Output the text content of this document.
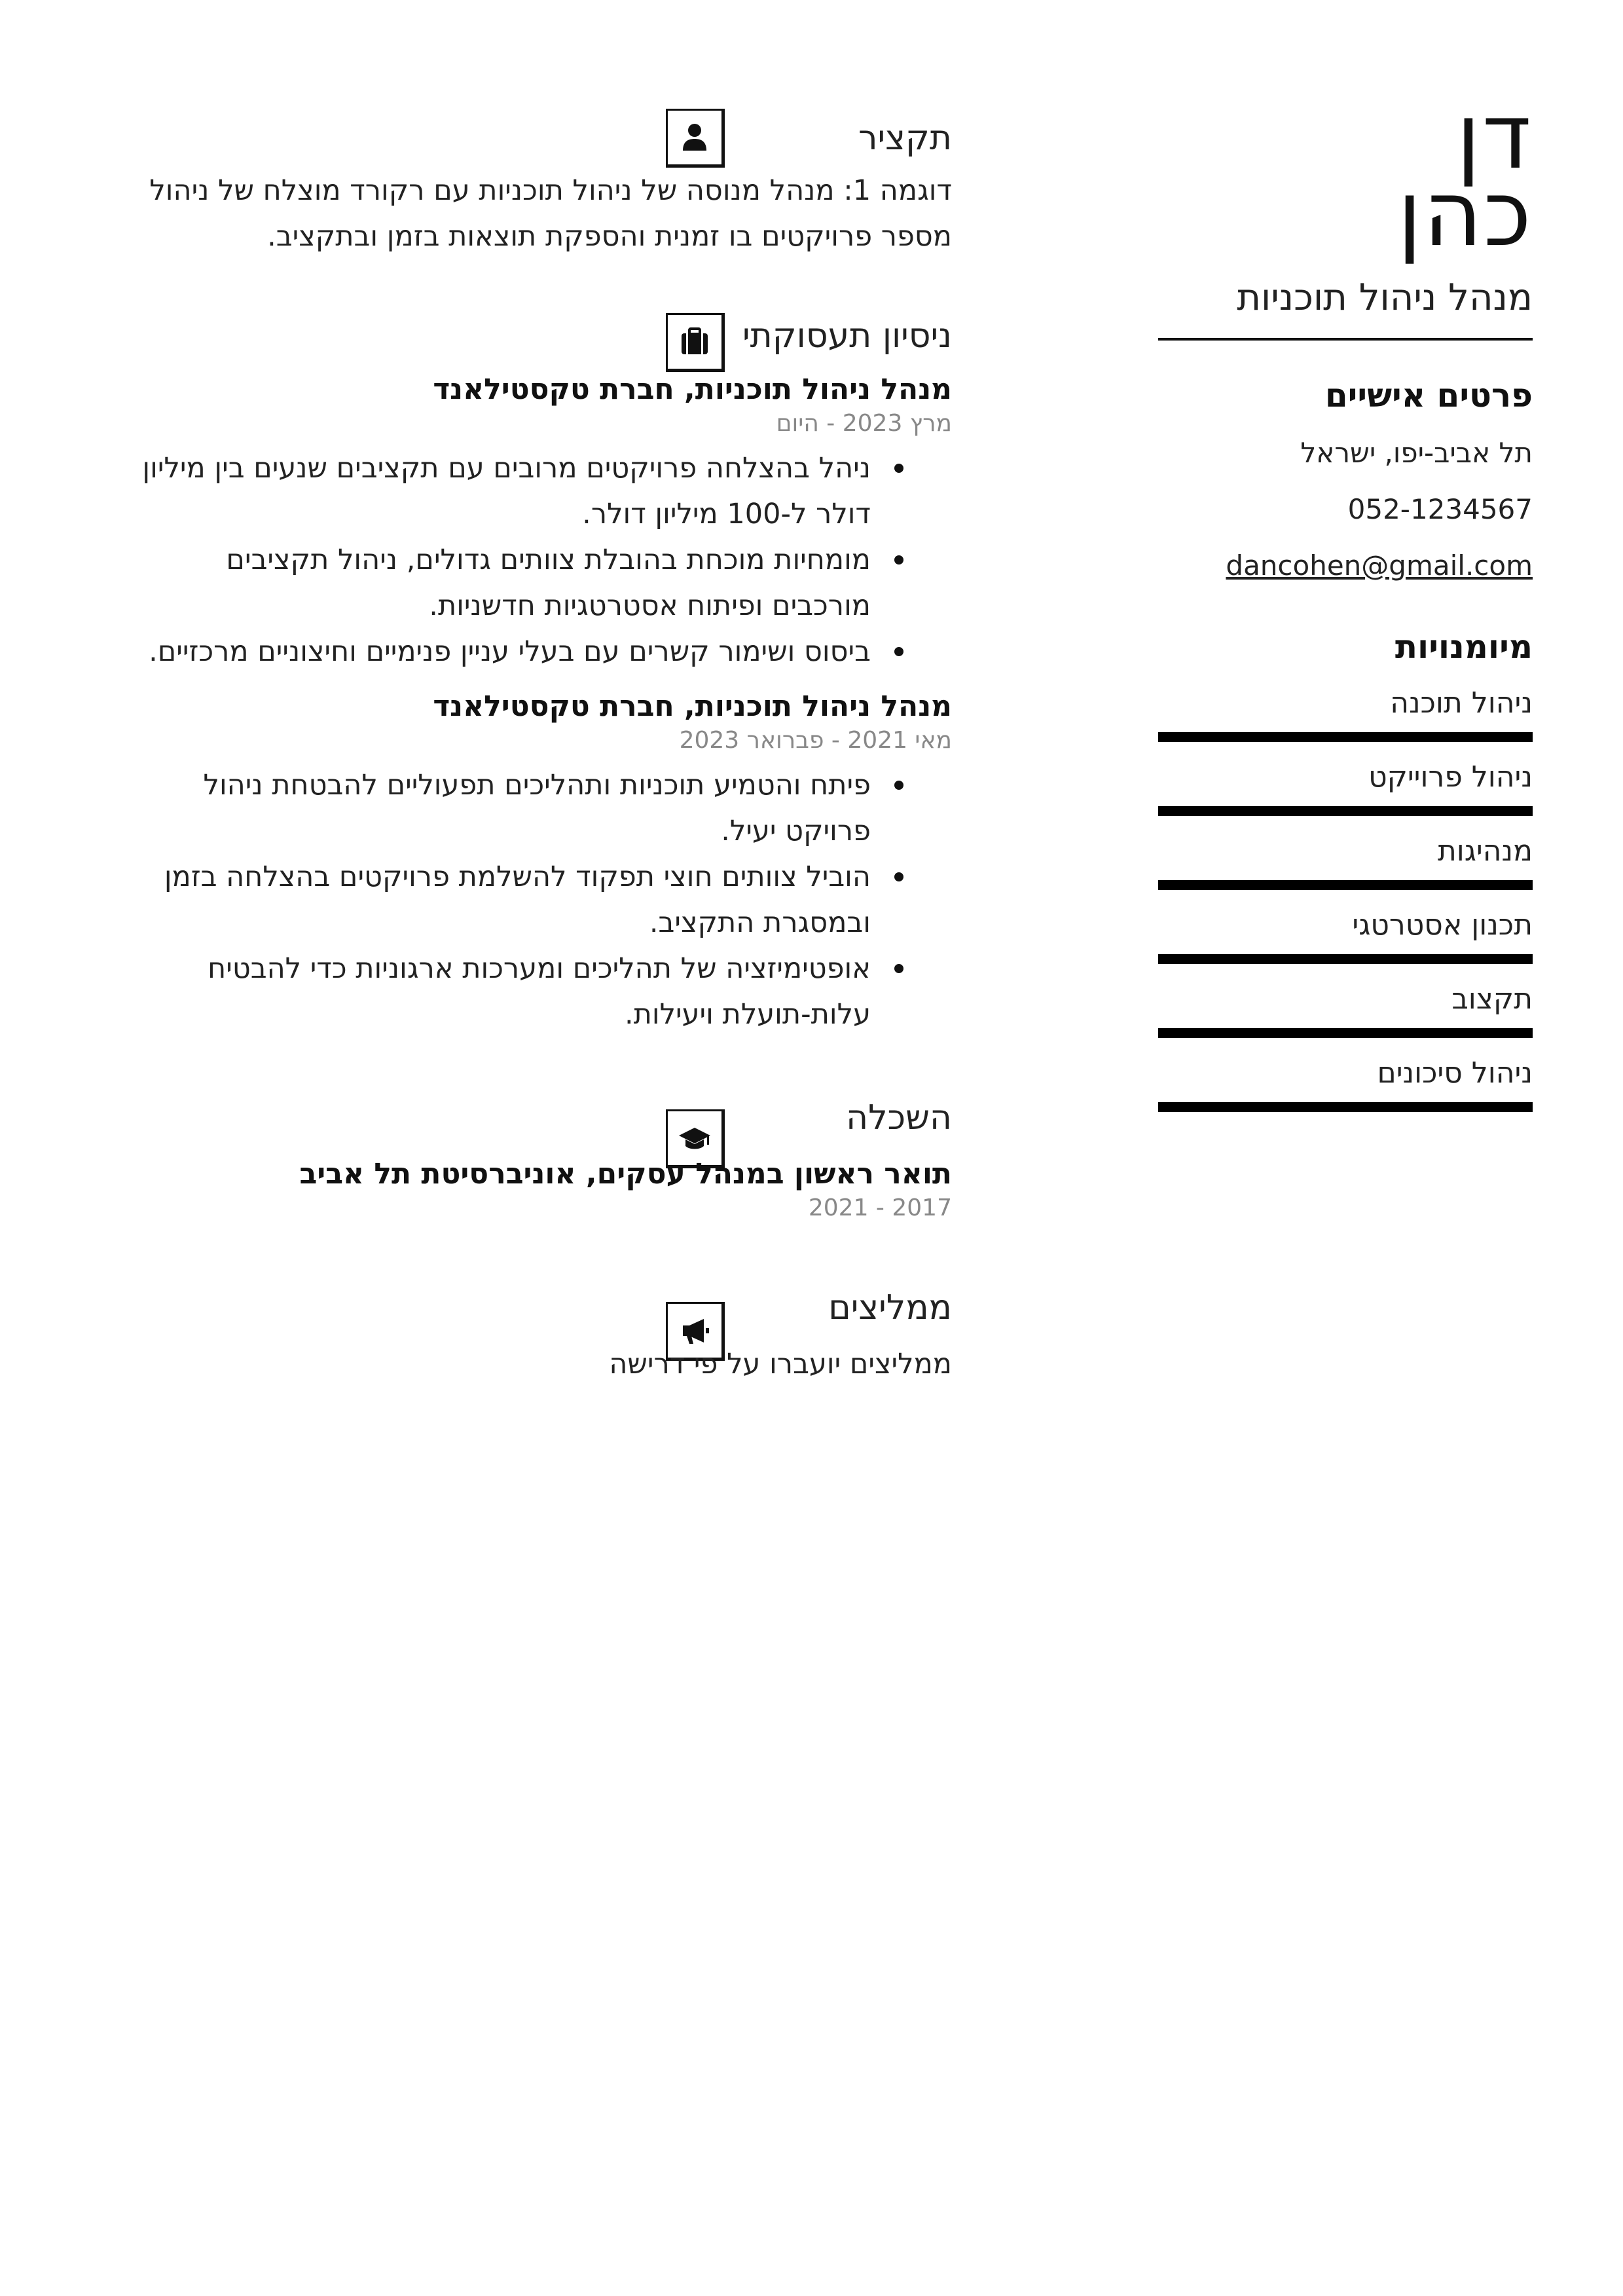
דן
כהן
מנהל ניהול תוכניות
פרטים אישיים
תל אביב-יפו, ישראל
052-1234567
dancohen@gmail.com
מיומנויות
ניהול תוכנה
ניהול פרוייקט
מנהיגות
תכנון אסטרטגי
תקצוב
ניהול סיכונים
תקציר

דוגמה 1: מנהל מנוסה של ניהול תוכניות עם רקורד מוצלח של ניהול מספר פרויקטים בו זמנית והספקת תוצאות בזמן ובתקציב.

ניסיון תעסוקתי
מנהל ניהול תוכניות, חברת טקסטילאנד
מרץ 2023 - היום
ניהל בהצלחה פרויקטים מרובים עם תקציבים שנעים בין מיליון דולר ל-100 מיליון דולר.
מומחיות מוכחת בהובלת צוותים גדולים, ניהול תקציבים מורכבים ופיתוח אסטרטגיות חדשניות.
ביסוס ושימור קשרים עם בעלי עניין פנימיים וחיצוניים מרכזיים.
מנהל ניהול תוכניות, חברת טקסטילאנד
מאי 2021 - פברואר 2023
פיתח והטמיע תוכניות ותהליכים תפעוליים להבטחת ניהול פרויקט יעיל.
הוביל צוותים חוצי תפקוד להשלמת פרויקטים בהצלחה בזמן ובמסגרת התקציב.
אופטימיזציה של תהליכים ומערכות ארגוניות כדי להבטיח עלות-תועלת ויעילות.
השכלה
תואר ראשון במנהל עסקים, אוניברסיטת תל אביב
2017 - 2021
ממליצים

ממליצים יועברו על פי דרישה
